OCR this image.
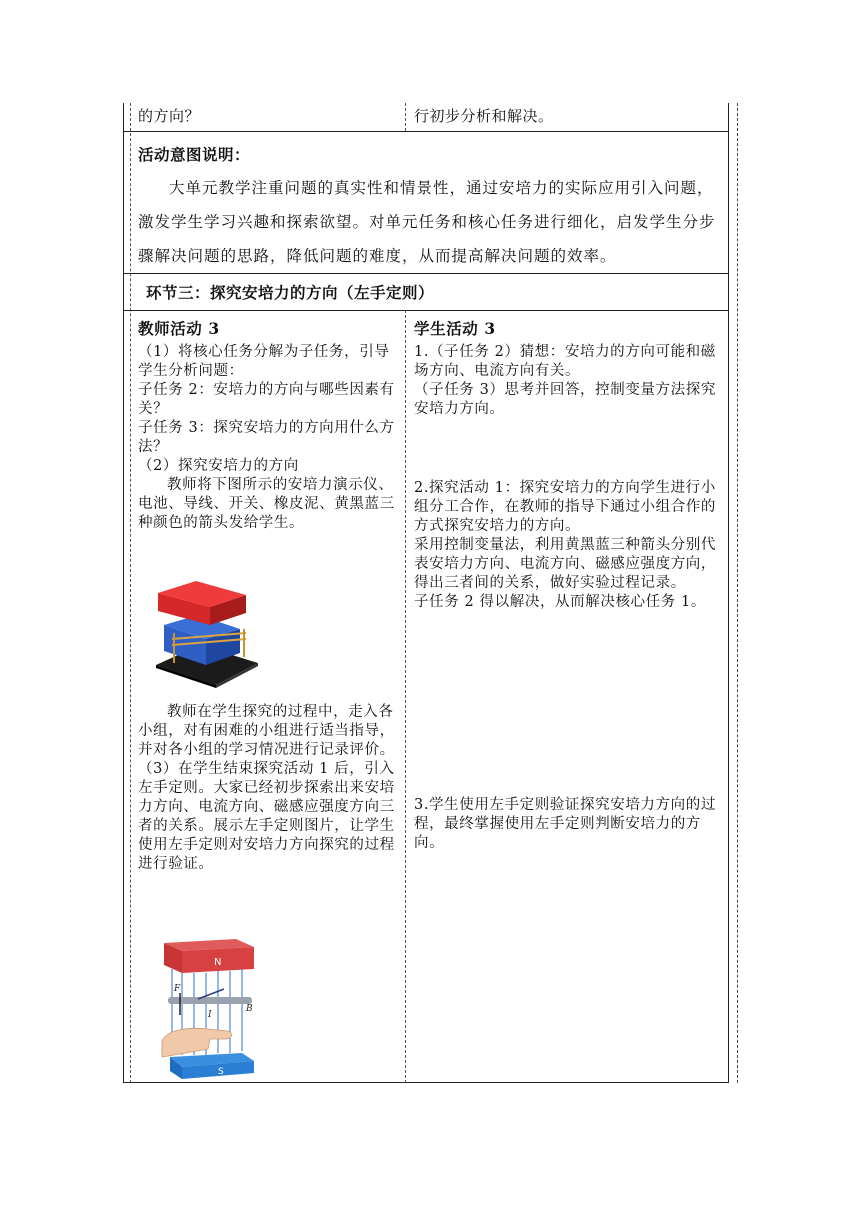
的方向？	行初步分析和解决。
活动意图说明：
大单元教学注重问题的真实性和情景性，通过安培力的实际应用引入问题，激发学生学习兴趣和探索欲望。对单元任务和核心任务进行细化，启发学生分步骤解决问题的思路，降低问题的难度，从而提高解决问题的效率。
环节三：探究安培力的方向（左手定则）

教师活动 3

（1）将核心任务分解为子任务，引导学生分析问题：

子任务 2：安培力的方向与哪些因素有关？

子任务 3：探究安培力的方向用什么方法？

（2）探究安培力的方向

教师将下图所示的安培力演示仪、电池、导线、开关、橡皮泥、黄黑蓝三种颜色的箭头发给学生。

教师在学生探究的过程中，走入各小组，对有困难的小组进行适当指导，并对各小组的学习情况进行记录评价。

（3）在学生结束探究活动 1 后，引入左手定则。大家已经初步探索出来安培力方向、电流方向、磁感应强度方向三者的关系。展示左手定则图片，让学生使用左手定则对安培力方向探究的过程进行验证。

N
F
I
B
S

学生活动 3

1.（子任务 2）猜想：安培力的方向可能和磁场方向、电流方向有关。

（子任务 3）思考并回答，控制变量方法探究安培力方向。

2.探究活动 1：探究安培力的方向学生进行小组分工合作，在教师的指导下通过小组合作的方式探究安培力的方向。

采用控制变量法，利用黄黑蓝三种箭头分别代表安培力方向、电流方向、磁感应强度方向，得出三者间的关系，做好实验过程记录。

子任务 2 得以解决，从而解决核心任务 1。

3.学生使用左手定则验证探究安培力方向的过程，最终掌握使用左手定则判断安培力的方向。
